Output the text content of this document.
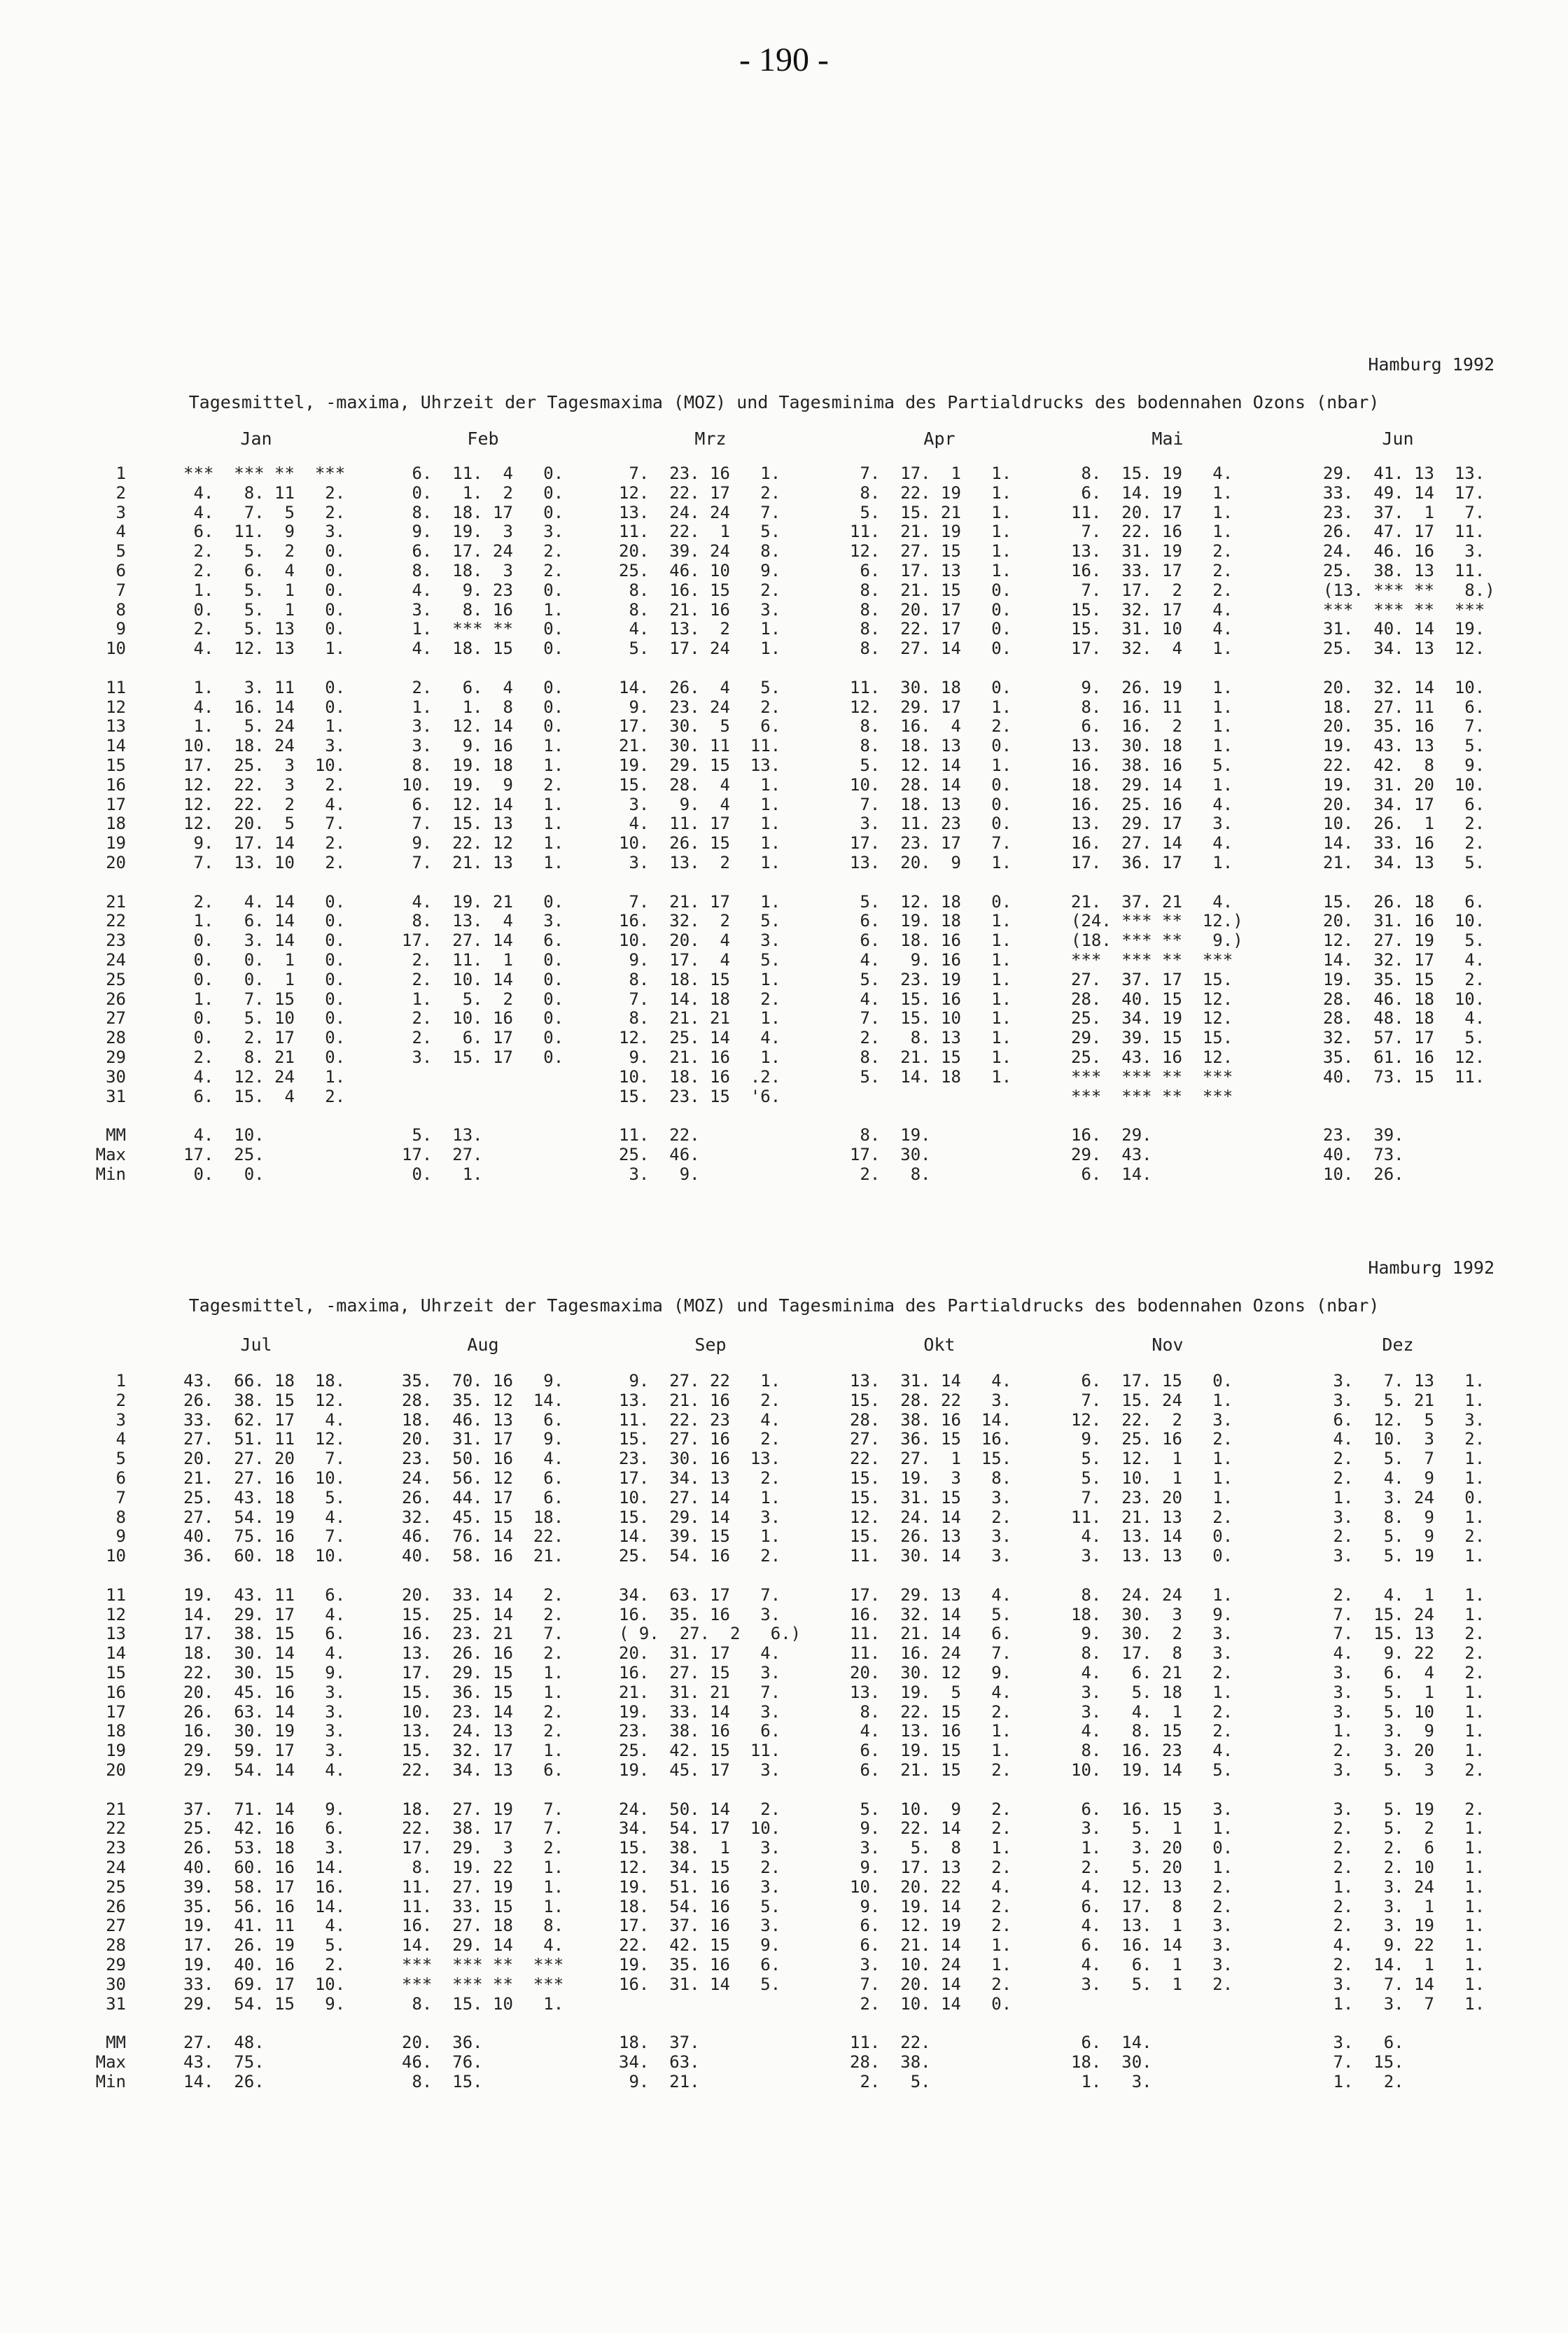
- 190 -
Hamburg 1992
Tagesmittel, -maxima, Uhrzeit der Tagesmaxima (MOZ) und Tagesminima des Partialdrucks des bodennahen Ozons (nbar)
Jan	Feb	Mrz	Apr	Mai	Jun
1		***  *** **  ***	6.  11.  4   0.	7.  23. 16   1.	7.  17.  1   1.	8.  15. 19   4.	29.  41. 13  13.
2		4.   8. 11   2.	0.   1.  2   0.	12.  22. 17   2.	8.  22. 19   1.	6.  14. 19   1.	33.  49. 14  17.
3		4.   7.  5   2.	8.  18. 17   0.	13.  24. 24   7.	5.  15. 21   1.	11.  20. 17   1.	23.  37.  1   7.
4		6.  11.  9   3.	9.  19.  3   3.	11.  22.  1   5.	11.  21. 19   1.	7.  22. 16   1.	26.  47. 17  11.
5		2.   5.  2   0.	6.  17. 24   2.	20.  39. 24   8.	12.  27. 15   1.	13.  31. 19   2.	24.  46. 16   3.
6		2.   6.  4   0.	8.  18.  3   2.	25.  46. 10   9.	6.  17. 13   1.	16.  33. 17   2.	25.  38. 13  11.
7		1.   5.  1   0.	4.   9. 23   0.	8.  16. 15   2.	8.  21. 15   0.	7.  17.  2   2.	(13. *** **   8.)
8		0.   5.  1   0.	3.   8. 16   1.	8.  21. 16   3.	8.  20. 17   0.	15.  32. 17   4.	***  *** **  ***
9		2.   5. 13   0.	1.  *** **   0.	4.  13.  2   1.	8.  22. 17   0.	15.  31. 10   4.	31.  40. 14  19.
10		4.  12. 13   1.	4.  18. 15   0.	5.  17. 24   1.	8.  27. 14   0.	17.  32.  4   1.	25.  34. 13  12.

11		1.   3. 11   0.	2.   6.  4   0.	14.  26.  4   5.	11.  30. 18   0.	9.  26. 19   1.	20.  32. 14  10.
12		4.  16. 14   0.	1.   1.  8   0.	9.  23. 24   2.	12.  29. 17   1.	8.  16. 11   1.	18.  27. 11   6.
13		1.   5. 24   1.	3.  12. 14   0.	17.  30.  5   6.	8.  16.  4   2.	6.  16.  2   1.	20.  35. 16   7.
14		10.  18. 24   3.	3.   9. 16   1.	21.  30. 11  11.	8.  18. 13   0.	13.  30. 18   1.	19.  43. 13   5.
15		17.  25.  3  10.	8.  19. 18   1.	19.  29. 15  13.	5.  12. 14   1.	16.  38. 16   5.	22.  42.  8   9.
16		12.  22.  3   2.	10.  19.  9   2.	15.  28.  4   1.	10.  28. 14   0.	18.  29. 14   1.	19.  31. 20  10.
17		12.  22.  2   4.	6.  12. 14   1.	3.   9.  4   1.	7.  18. 13   0.	16.  25. 16   4.	20.  34. 17   6.
18		12.  20.  5   7.	7.  15. 13   1.	4.  11. 17   1.	3.  11. 23   0.	13.  29. 17   3.	10.  26.  1   2.
19		9.  17. 14   2.	9.  22. 12   1.	10.  26. 15   1.	17.  23. 17   7.	16.  27. 14   4.	14.  33. 16   2.
20		7.  13. 10   2.	7.  21. 13   1.	3.  13.  2   1.	13.  20.  9   1.	17.  36. 17   1.	21.  34. 13   5.

21		2.   4. 14   0.	4.  19. 21   0.	7.  21. 17   1.	5.  12. 18   0.	21.  37. 21   4.	15.  26. 18   6.
22		1.   6. 14   0.	8.  13.  4   3.	16.  32.  2   5.	6.  19. 18   1.	(24. *** **  12.)	20.  31. 16  10.
23		0.   3. 14   0.	17.  27. 14   6.	10.  20.  4   3.	6.  18. 16   1.	(18. *** **   9.)	12.  27. 19   5.
24		0.   0.  1   0.	2.  11.  1   0.	9.  17.  4   5.	4.   9. 16   1.	***  *** **  ***	14.  32. 17   4.
25		0.   0.  1   0.	2.  10. 14   0.	8.  18. 15   1.	5.  23. 19   1.	27.  37. 17  15.	19.  35. 15   2.
26		1.   7. 15   0.	1.   5.  2   0.	7.  14. 18   2.	4.  15. 16   1.	28.  40. 15  12.	28.  46. 18  10.
27		0.   5. 10   0.	2.  10. 16   0.	8.  21. 21   1.	7.  15. 10   1.	25.  34. 19  12.	28.  48. 18   4.
28		0.   2. 17   0.	2.   6. 17   0.	12.  25. 14   4.	2.   8. 13   1.	29.  39. 15  15.	32.  57. 17   5.
29		2.   8. 21   0.	3.  15. 17   0.	9.  21. 16   1.	8.  21. 15   1.	25.  43. 16  12.	35.  61. 16  12.
30		4.  12. 24   1.		10.  18. 16  .2.	5.  14. 18   1.	***  *** **  ***	40.  73. 15  11.
31		6.  15.  4   2.		15.  23. 15  '6.		***  *** **  ***	

MM		4.  10.	5.  13.	11.  22.	8.  19.	16.  29.	23.  39.
Max		17.  25.	17.  27.	25.  46.	17.  30.	29.  43.	40.  73.
Min		0.   0.	0.   1.	3.   9.	2.   8.	6.  14.	10.  26.
Hamburg 1992
Tagesmittel, -maxima, Uhrzeit der Tagesmaxima (MOZ) und Tagesminima des Partialdrucks des bodennahen Ozons (nbar)
Jul	Aug	Sep	Okt	Nov	Dez
1		43.  66. 18  18.	35.  70. 16   9.	9.  27. 22   1.	13.  31. 14   4.	6.  17. 15   0.	3.   7. 13   1.
2		26.  38. 15  12.	28.  35. 12  14.	13.  21. 16   2.	15.  28. 22   3.	7.  15. 24   1.	3.   5. 21   1.
3		33.  62. 17   4.	18.  46. 13   6.	11.  22. 23   4.	28.  38. 16  14.	12.  22.  2   3.	6.  12.  5   3.
4		27.  51. 11  12.	20.  31. 17   9.	15.  27. 16   2.	27.  36. 15  16.	9.  25. 16   2.	4.  10.  3   2.
5		20.  27. 20   7.	23.  50. 16   4.	23.  30. 16  13.	22.  27.  1  15.	5.  12.  1   1.	2.   5.  7   1.
6		21.  27. 16  10.	24.  56. 12   6.	17.  34. 13   2.	15.  19.  3   8.	5.  10.  1   1.	2.   4.  9   1.
7		25.  43. 18   5.	26.  44. 17   6.	10.  27. 14   1.	15.  31. 15   3.	7.  23. 20   1.	1.   3. 24   0.
8		27.  54. 19   4.	32.  45. 15  18.	15.  29. 14   3.	12.  24. 14   2.	11.  21. 13   2.	3.   8.  9   1.
9		40.  75. 16   7.	46.  76. 14  22.	14.  39. 15   1.	15.  26. 13   3.	4.  13. 14   0.	2.   5.  9   2.
10		36.  60. 18  10.	40.  58. 16  21.	25.  54. 16   2.	11.  30. 14   3.	3.  13. 13   0.	3.   5. 19   1.

11		19.  43. 11   6.	20.  33. 14   2.	34.  63. 17   7.	17.  29. 13   4.	8.  24. 24   1.	2.   4.  1   1.
12		14.  29. 17   4.	15.  25. 14   2.	16.  35. 16   3.	16.  32. 14   5.	18.  30.  3   9.	7.  15. 24   1.
13		17.  38. 15   6.	16.  23. 21   7.	( 9.  27.  2   6.)	11.  21. 14   6.	9.  30.  2   3.	7.  15. 13   2.
14		18.  30. 14   4.	13.  26. 16   2.	20.  31. 17   4.	11.  16. 24   7.	8.  17.  8   3.	4.   9. 22   2.
15		22.  30. 15   9.	17.  29. 15   1.	16.  27. 15   3.	20.  30. 12   9.	4.   6. 21   2.	3.   6.  4   2.
16		20.  45. 16   3.	15.  36. 15   1.	21.  31. 21   7.	13.  19.  5   4.	3.   5. 18   1.	3.   5.  1   1.
17		26.  63. 14   3.	10.  23. 14   2.	19.  33. 14   3.	8.  22. 15   2.	3.   4.  1   2.	3.   5. 10   1.
18		16.  30. 19   3.	13.  24. 13   2.	23.  38. 16   6.	4.  13. 16   1.	4.   8. 15   2.	1.   3.  9   1.
19		29.  59. 17   3.	15.  32. 17   1.	25.  42. 15  11.	6.  19. 15   1.	8.  16. 23   4.	2.   3. 20   1.
20		29.  54. 14   4.	22.  34. 13   6.	19.  45. 17   3.	6.  21. 15   2.	10.  19. 14   5.	3.   5.  3   2.

21		37.  71. 14   9.	18.  27. 19   7.	24.  50. 14   2.	5.  10.  9   2.	6.  16. 15   3.	3.   5. 19   2.
22		25.  42. 16   6.	22.  38. 17   7.	34.  54. 17  10.	9.  22. 14   2.	3.   5.  1   1.	2.   5.  2   1.
23		26.  53. 18   3.	17.  29.  3   2.	15.  38.  1   3.	3.   5.  8   1.	1.   3. 20   0.	2.   2.  6   1.
24		40.  60. 16  14.	8.  19. 22   1.	12.  34. 15   2.	9.  17. 13   2.	2.   5. 20   1.	2.   2. 10   1.
25		39.  58. 17  16.	11.  27. 19   1.	19.  51. 16   3.	10.  20. 22   4.	4.  12. 13   2.	1.   3. 24   1.
26		35.  56. 16  14.	11.  33. 15   1.	18.  54. 16   5.	9.  19. 14   2.	6.  17.  8   2.	2.   3.  1   1.
27		19.  41. 11   4.	16.  27. 18   8.	17.  37. 16   3.	6.  12. 19   2.	4.  13.  1   3.	2.   3. 19   1.
28		17.  26. 19   5.	14.  29. 14   4.	22.  42. 15   9.	6.  21. 14   1.	6.  16. 14   3.	4.   9. 22   1.
29		19.  40. 16   2.	***  *** **  ***	19.  35. 16   6.	3.  10. 24   1.	4.   6.  1   3.	2.  14.  1   1.
30		33.  69. 17  10.	***  *** **  ***	16.  31. 14   5.	7.  20. 14   2.	3.   5.  1   2.	3.   7. 14   1.
31		29.  54. 15   9.	8.  15. 10   1.		2.  10. 14   0.		1.   3.  7   1.

MM		27.  48.	20.  36.	18.  37.	11.  22.	6.  14.	3.   6.
Max		43.  75.	46.  76.	34.  63.	28.  38.	18.  30.	7.  15.
Min		14.  26.	8.  15.	9.  21.	2.   5.	1.   3.	1.   2.
